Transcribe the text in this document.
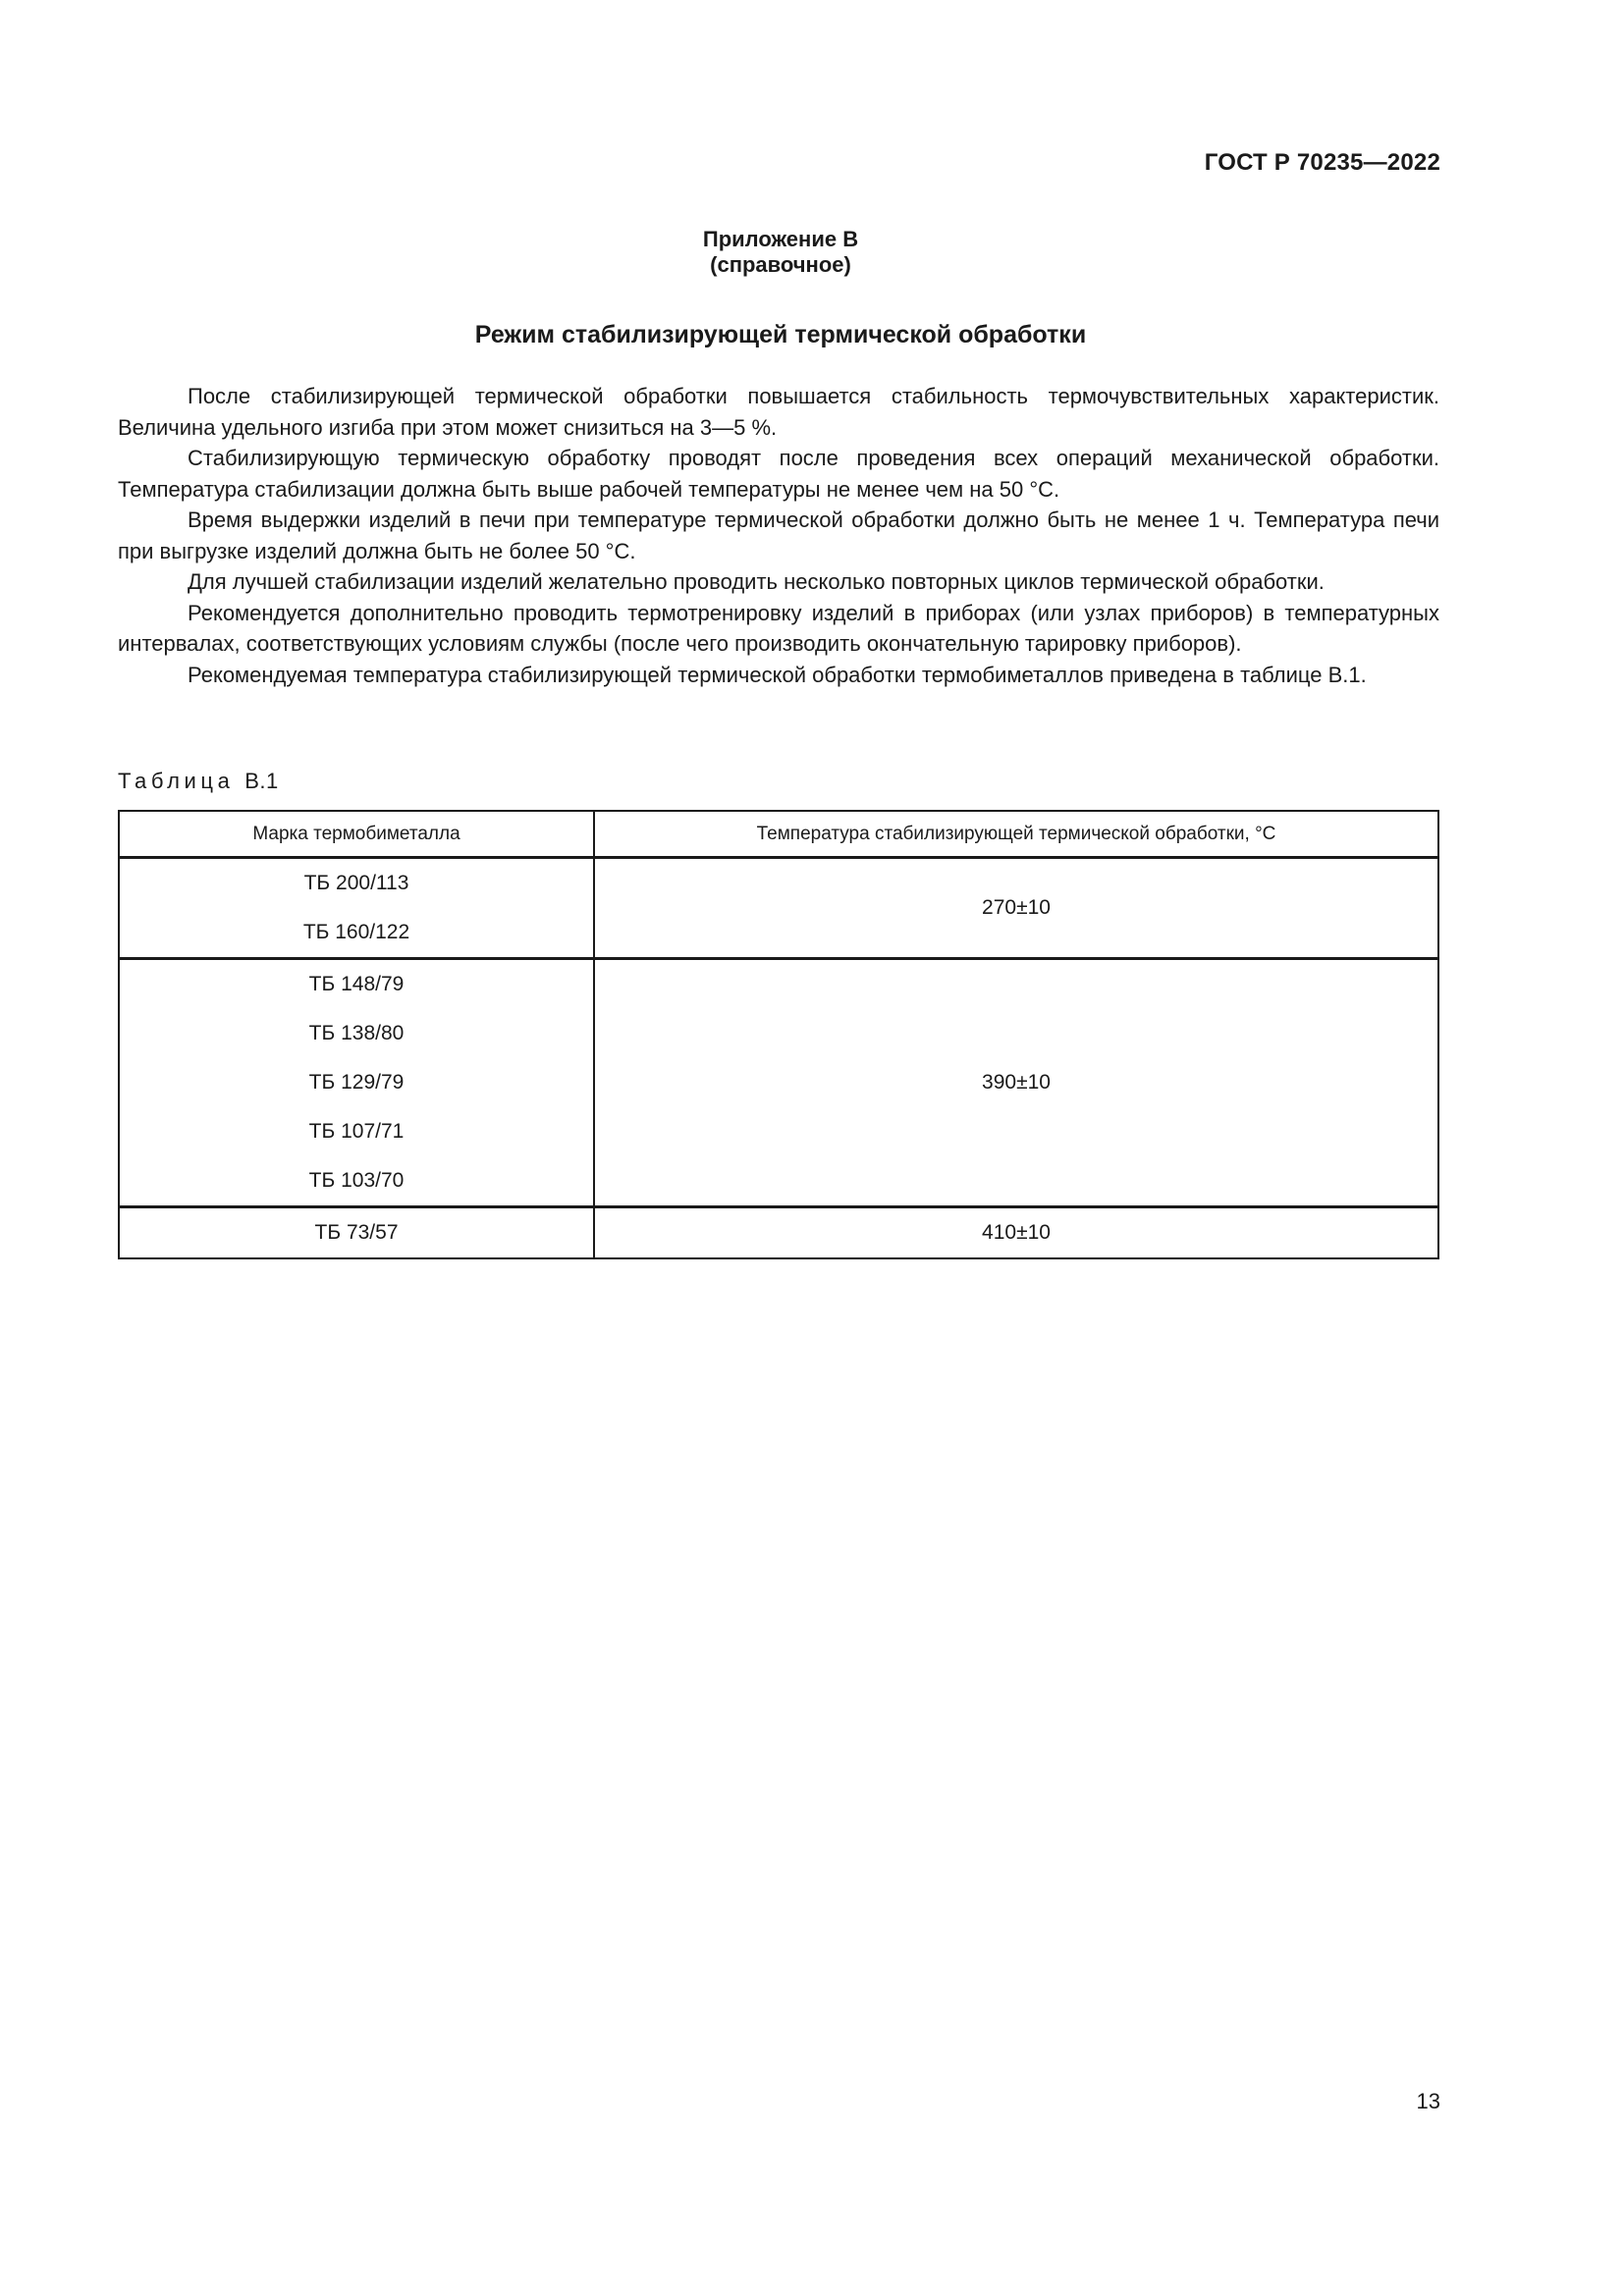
ГОСТ Р 70235—2022
Приложение В
(справочное)
Режим стабилизирующей термической обработки

После стабилизирующей термической обработки повышается стабильность термочувствительных характеристик. Величина удельного изгиба при этом может снизиться на 3—5 %.

Стабилизирующую термическую обработку проводят после проведения всех операций механической обработки. Температура стабилизации должна быть выше рабочей температуры не менее чем на 50 °С.

Время выдержки изделий в печи при температуре термической обработки должно быть не менее 1 ч. Температура печи при выгрузке изделий должна быть не более 50 °С.

Для лучшей стабилизации изделий желательно проводить несколько повторных циклов термической обработки.

Рекомендуется дополнительно проводить термотренировку изделий в приборах (или узлах приборов) в температурных интервалах, соответствующих условиям службы (после чего производить окончательную тарировку приборов).

Рекомендуемая температура стабилизирующей термической обработки термобиметаллов приведена в таблице В.1.

Таблица В.1
Марка термобиметалла	Температура стабилизирующей термической обработки, °С

ТБ 200/113
ТБ 160/122	270±10

ТБ 148/79
ТБ 138/80
ТБ 129/79
ТБ 107/71
ТБ 103/70	390±10

ТБ 73/57	410±10
13
